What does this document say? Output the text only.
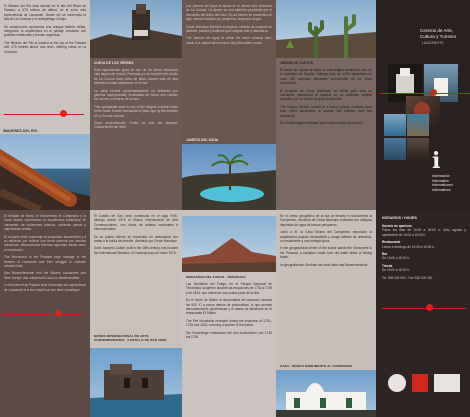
El Mirador del Río está situado en lo alto del Risco de Famara, a 475 metros de altitud, en la zona más septentrional de Lanzarote. Desde allí se contempla la isla de La Graciosa y el archipiélago Chinijo.

Su construcción aprovecha una antigua batería militar, integrando la arquitectura en el paisaje volcánico con grandes ventanales y formas orgánicas.

The Mirador del Río is located at the top of the Famara cliff, 475 metres above sea level, offering views of La Graciosa.

IMAGENES DEL RIO
CUEVA DE LOS VERDES

Esta espectacular gruta es uno de los tubos volcánicos más largos del mundo. Formada por la erupción del volcán de La Corona hace miles de años, recorre más de seis kilómetros hasta adentrarse en el mar.

La visita recorre aproximadamente un kilómetro por galerías superpuestas, iluminadas de forma que realzan los colores y texturas de la roca.

This spectacular cave is one of the longest volcanic tubes in the world, formed thousands of years ago by the eruption of La Corona volcano.

Diese eindrucksvolle Grotte ist eine der längsten Vulkanröhren der Welt.

Los Jameos del Agua se sitúan en el mismo tubo volcánico de La Corona. Un jameo es una abertura producida por el derrumbe del techo del tubo. En su interior se encuentra un lago natural habitado por pequeños cangrejos ciegos.

César Manrique intervino el espacio creando un conjunto de jardines, piscina y auditorio que integran arte y naturaleza.

The Jameos del Agua lie within the same volcanic tube; inside is a natural lake home to tiny blind albino crabs.

JAMEOS DEL AGUA
JARDIN DE CACTUS

El Jardín de Cactus se ubica en una antigua cantera de rofe, en el municipio de Teguise. Alberga más de 4.500 ejemplares de unas 450 especies diferentes procedentes de los cinco continentes.

El proyecto de César Manrique, su última gran obra en Lanzarote, transforma el espacio en un anfiteatro vegetal presidido por un molino de gofio restaurado.

The Cactus Garden, located in a former quarry, contains more than 4,500 specimens of around 450 species from five continents.

Der Kakteengarten befindet sich in einem alten Steinbruch.

Centros de Arte,
Cultura y Turismo
LANZAROTE
i
Información
Information
Informationen
Informations

El Mirador de Haría, el Monumento al Campesino y la Casa Museo representan la arquitectura tradicional de Lanzarote, de volúmenes blancos, cubiertas planas y carpinterías verdes.

El conjunto rinde homenaje al campesino lanzaroteño y a su esfuerzo por cultivar una tierra cubierta por cenizas volcánicas, desarrollando técnicas agrícolas únicas como el enarenado.

The Monument to the Peasant pays homage to the farmers of Lanzarote and their struggle to cultivate volcanic land.

Das Bauerndenkmal ehrt die Bauern Lanzarotes und ihren Kampf, das vulkanische Land zu bewirtschaften.

Le Monument au Paysan rend hommage aux agriculteurs de Lanzarote et à leur travail sur une terre volcanique.

El Castillo de San José, construido en el siglo XVIII, alberga desde 1976 el Museo Internacional de Arte Contemporáneo, con obras de artistas nacionales e internacionales.

En su planta inferior se encuentra un restaurante con vistas a la bahía de Arrecife, diseñado por César Manrique.

Saint Joseph's Castle, built in the 18th century, has housed the International Museum of Contemporary Art since 1976.

MUSEO INTERNACIONAL DE ARTE CONTEMPORÁNEO · CASTILLO DE SAN JOSÉ
MONTAÑAS DEL FUEGO · TIMANFAYA

Las Montañas del Fuego, en el Parque Nacional de Timanfaya, surgieron durante las erupciones de 1730 a 1736 y de 1824, que cubrieron una cuarta parte de la isla.

En el Islote de Hilario la temperatura del subsuelo alcanza los 600 ºC a pocos metros de profundidad, lo que permite demostraciones geotérmicas y el asado de alimentos en el restaurante El Diablo.

The Fire Mountains emerged during the eruptions of 1730–1736 and 1824, covering a quarter of the island.

Die Feuerberge entstanden bei den Ausbrüchen von 1730 bis 1736.

En el centro geográfico de la isla se levanta el Monumento al Campesino, escultura de César Manrique realizada con antiguos depósitos de agua de barcos pesqueros.

Junto a él, la Casa Museo del Campesino reproduce la arquitectura popular lanzaroteña y acoge talleres de artesanía, un restaurante y una bodega típica.

In the geographical centre of the island stands the Monument to the Peasant, a sculpture made from old water tanks of fishing boats.

Im geografischen Zentrum der Insel steht das Bauerndenkmal.

CASA · MUSEO MONUMENTO AL CAMPESINO
HORARIOS / HOURS
Horario de apertura

Todos los días de 10:00 a 18:00 h. Julio, agosto y septiembre de 10:00 a 19:00 h.

Restaurante

Lunes a domingo de 13:00 a 16:00 h.

Bar

De 10:00 a 18:00 h.

Tienda

De 10:00 a 18:00 h.

Tel. 928 000 000 · Fax 928 000 000
